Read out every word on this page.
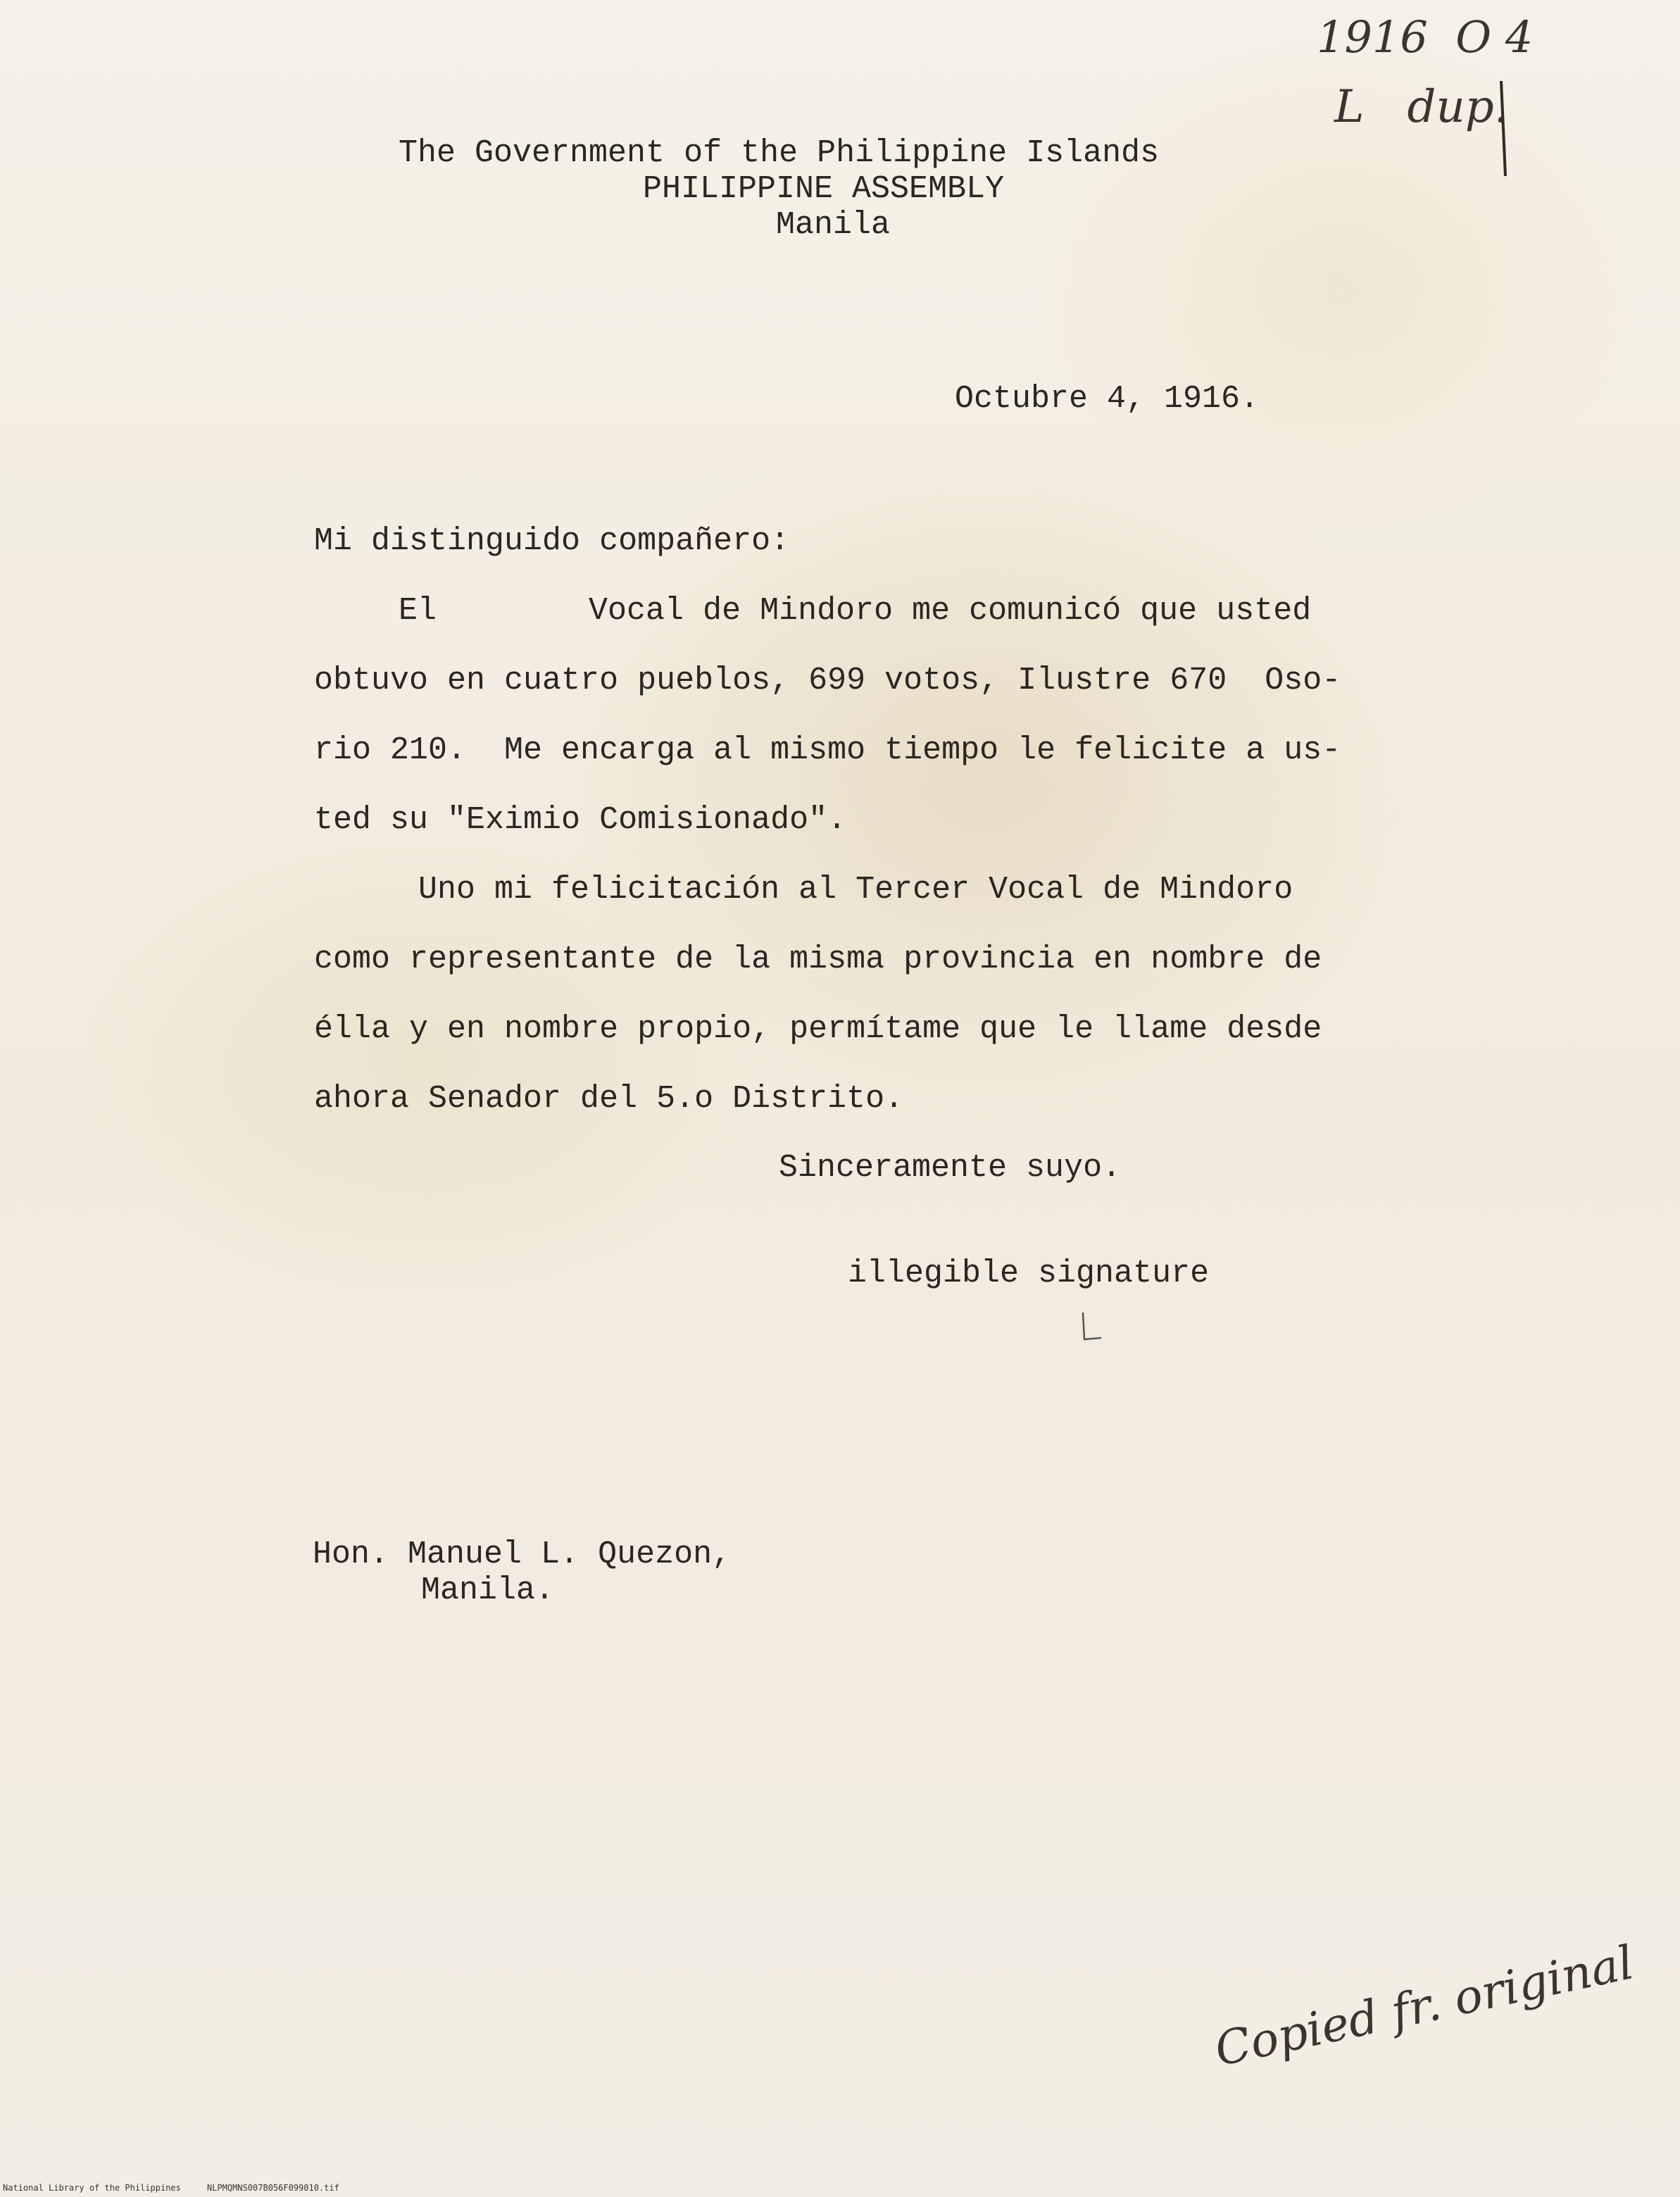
1916  O 4

L   dup.

The Government of the Philippine Islands

PHILIPPINE ASSEMBLY

Manila

Octubre 4, 1916.

Mi distinguido compañero:

El        Vocal de Mindoro me comunicó que usted

obtuvo en cuatro pueblos, 699 votos, Ilustre 670  Oso-

rio 210.  Me encarga al mismo tiempo le felicite a us-

ted su "Eximio Comisionado".

Uno mi felicitación al Tercer Vocal de Mindoro

como representante de la misma provincia en nombre de

élla y en nombre propio, permítame que le llame desde

ahora Senador del 5.o Distrito.

Sinceramente suyo.

illegible signature

Hon. Manuel L. Quezon,

Manila.

Copied fr. original

National Library of the Philippines	NLPMQMNS007B056F099010.tif
